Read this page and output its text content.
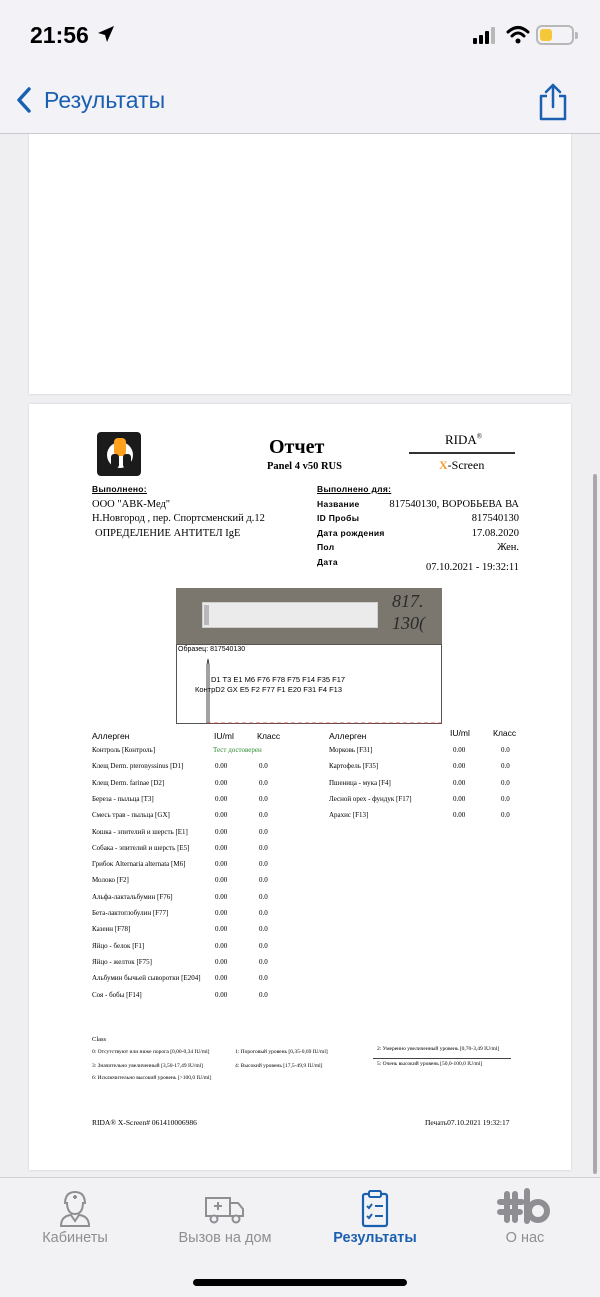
21:56
Результаты
Отчет
Panel 4 v50 RUS
RIDA®
X-Screen
Выполнено:	Выполнено для:
ООО "АВК-Мед"
Н.Новгород , пер. Спортсменский д.12
ОПРЕДЕЛЕНИЕ АНТИТЕЛ IgE
Название	817540130, ВОРОБЬЕВА ВА
ID Пробы	817540130
Дата рождения	17.08.2020
Пол	Жен.
Дата	07.10.2021 - 19:32:11
817.
130(
Образец: 817540130
D1 T3 E1 M6 F76 F78 F75 F14 F35 F17
КонтрD2 GX E5 F2 F77 F1 E20 F31 F4 F13
Аллерген	IU/ml	Класс	Аллерген	IU/ml	Класс
Контроль [Контроль]	Тест достоверен
Клещ Derm. pteronyssinus [D1]	0.00	0.0
Клещ Derm. farinae [D2]	0.00	0.0
Береза - пыльца [T3]	0.00	0.0
Смесь трав - пыльца [GX]	0.00	0.0
Кошка - эпителий и шерсть [E1]	0.00	0.0
Собака - эпителий и шерсть [E5]	0.00	0.0
Грибок Alternaria alternata [M6]	0.00	0.0
Молоко [F2]	0.00	0.0
Альфа-лактальбумин [F76]	0.00	0.0
Бета-лактоглобулин [F77]	0.00	0.0
Казеин [F78]	0.00	0.0
Яйцо - белок [F1]	0.00	0.0
Яйцо - желток [F75]	0.00	0.0
Альбумин бычьей сыворотки [E204] 0.00	0.0
Соя - бобы [F14]	0.00	0.0
Морковь [F31]	0.00	0.0
Картофель [F35]	0.00	0.0
Пшеница - мука [F4]	0.00	0.0
Лесной орех - фундук [F17]	0.00	0.0
Арахис [F13]	0.00	0.0
Class
0: Отсутствуют или ниже порога [0,00-0,34 IU/ml]	1: Пороговый уровень [0,35-0,69 IU/ml]	2: Умеренно увеличенный уровень [0,70-3,49 IU/ml]
3: Значительно увеличенный [3,50-17,49 IU/ml]	4: Высокий уровень [17,5-49,9 IU/ml]	5: Очень высокий уровень [50,0-100,0 IU/ml]
6: Исключительно высокий уровень [>100,0 IU/ml]
RIDA® X-Screen# 061410006986	Печать07.10.2021 19:32:17
Кабинеты	Вызов на дом	Результаты	О нас
